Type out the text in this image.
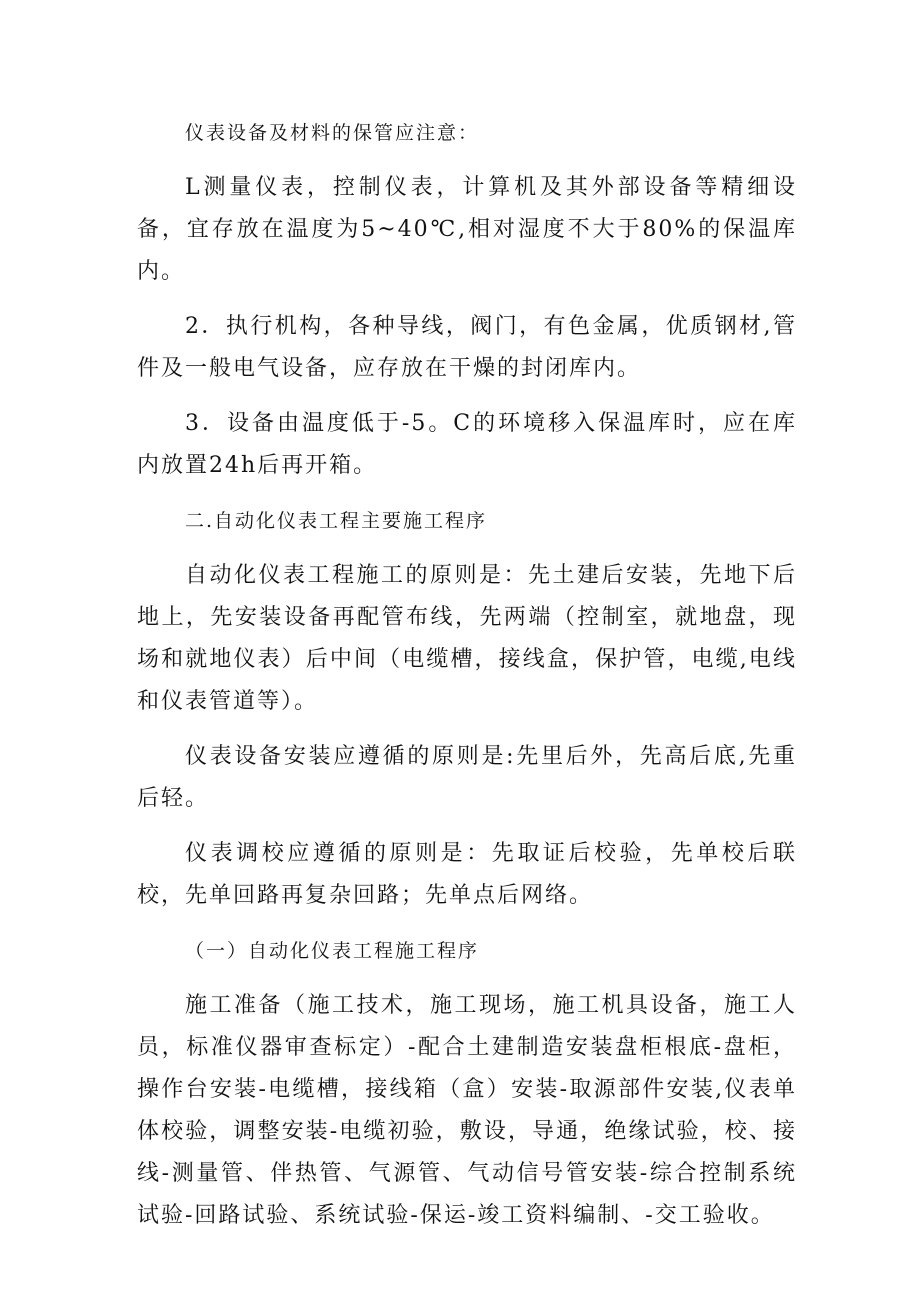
仪表设备及材料的保管应注意：

L测量仪表，控制仪表，计算机及其外部设备等精细设备，宜存放在温度为5~40℃,相对湿度不大于80%的保温库内。

2．执行机构，各种导线，阀门，有色金属，优质钢材,管件及一般电气设备，应存放在干燥的封闭库内。

3．设备由温度低于-5。C的环境移入保温库时，应在库内放置24h后再开箱。

二.自动化仪表工程主要施工程序

自动化仪表工程施工的原则是：先土建后安装，先地下后地上，先安装设备再配管布线，先两端（控制室，就地盘，现场和就地仪表）后中间（电缆槽，接线盒，保护管，电缆,电线和仪表管道等）。

仪表设备安装应遵循的原则是:先里后外，先高后底,先重后轻。

仪表调校应遵循的原则是：先取证后校验，先单校后联校，先单回路再复杂回路；先单点后网络。

（一）自动化仪表工程施工程序

施工准备（施工技术，施工现场，施工机具设备，施工人员，标准仪器审查标定）-配合土建制造安装盘柜根底-盘柜，操作台安装-电缆槽，接线箱（盒）安装-取源部件安装,仪表单体校验，调整安装-电缆初验，敷设，导通，绝缘试验，校、接线-测量管、伴热管、气源管、气动信号管安装-综合控制系统试验-回路试验、系统试验-保运-竣工资料编制、-交工验收。
